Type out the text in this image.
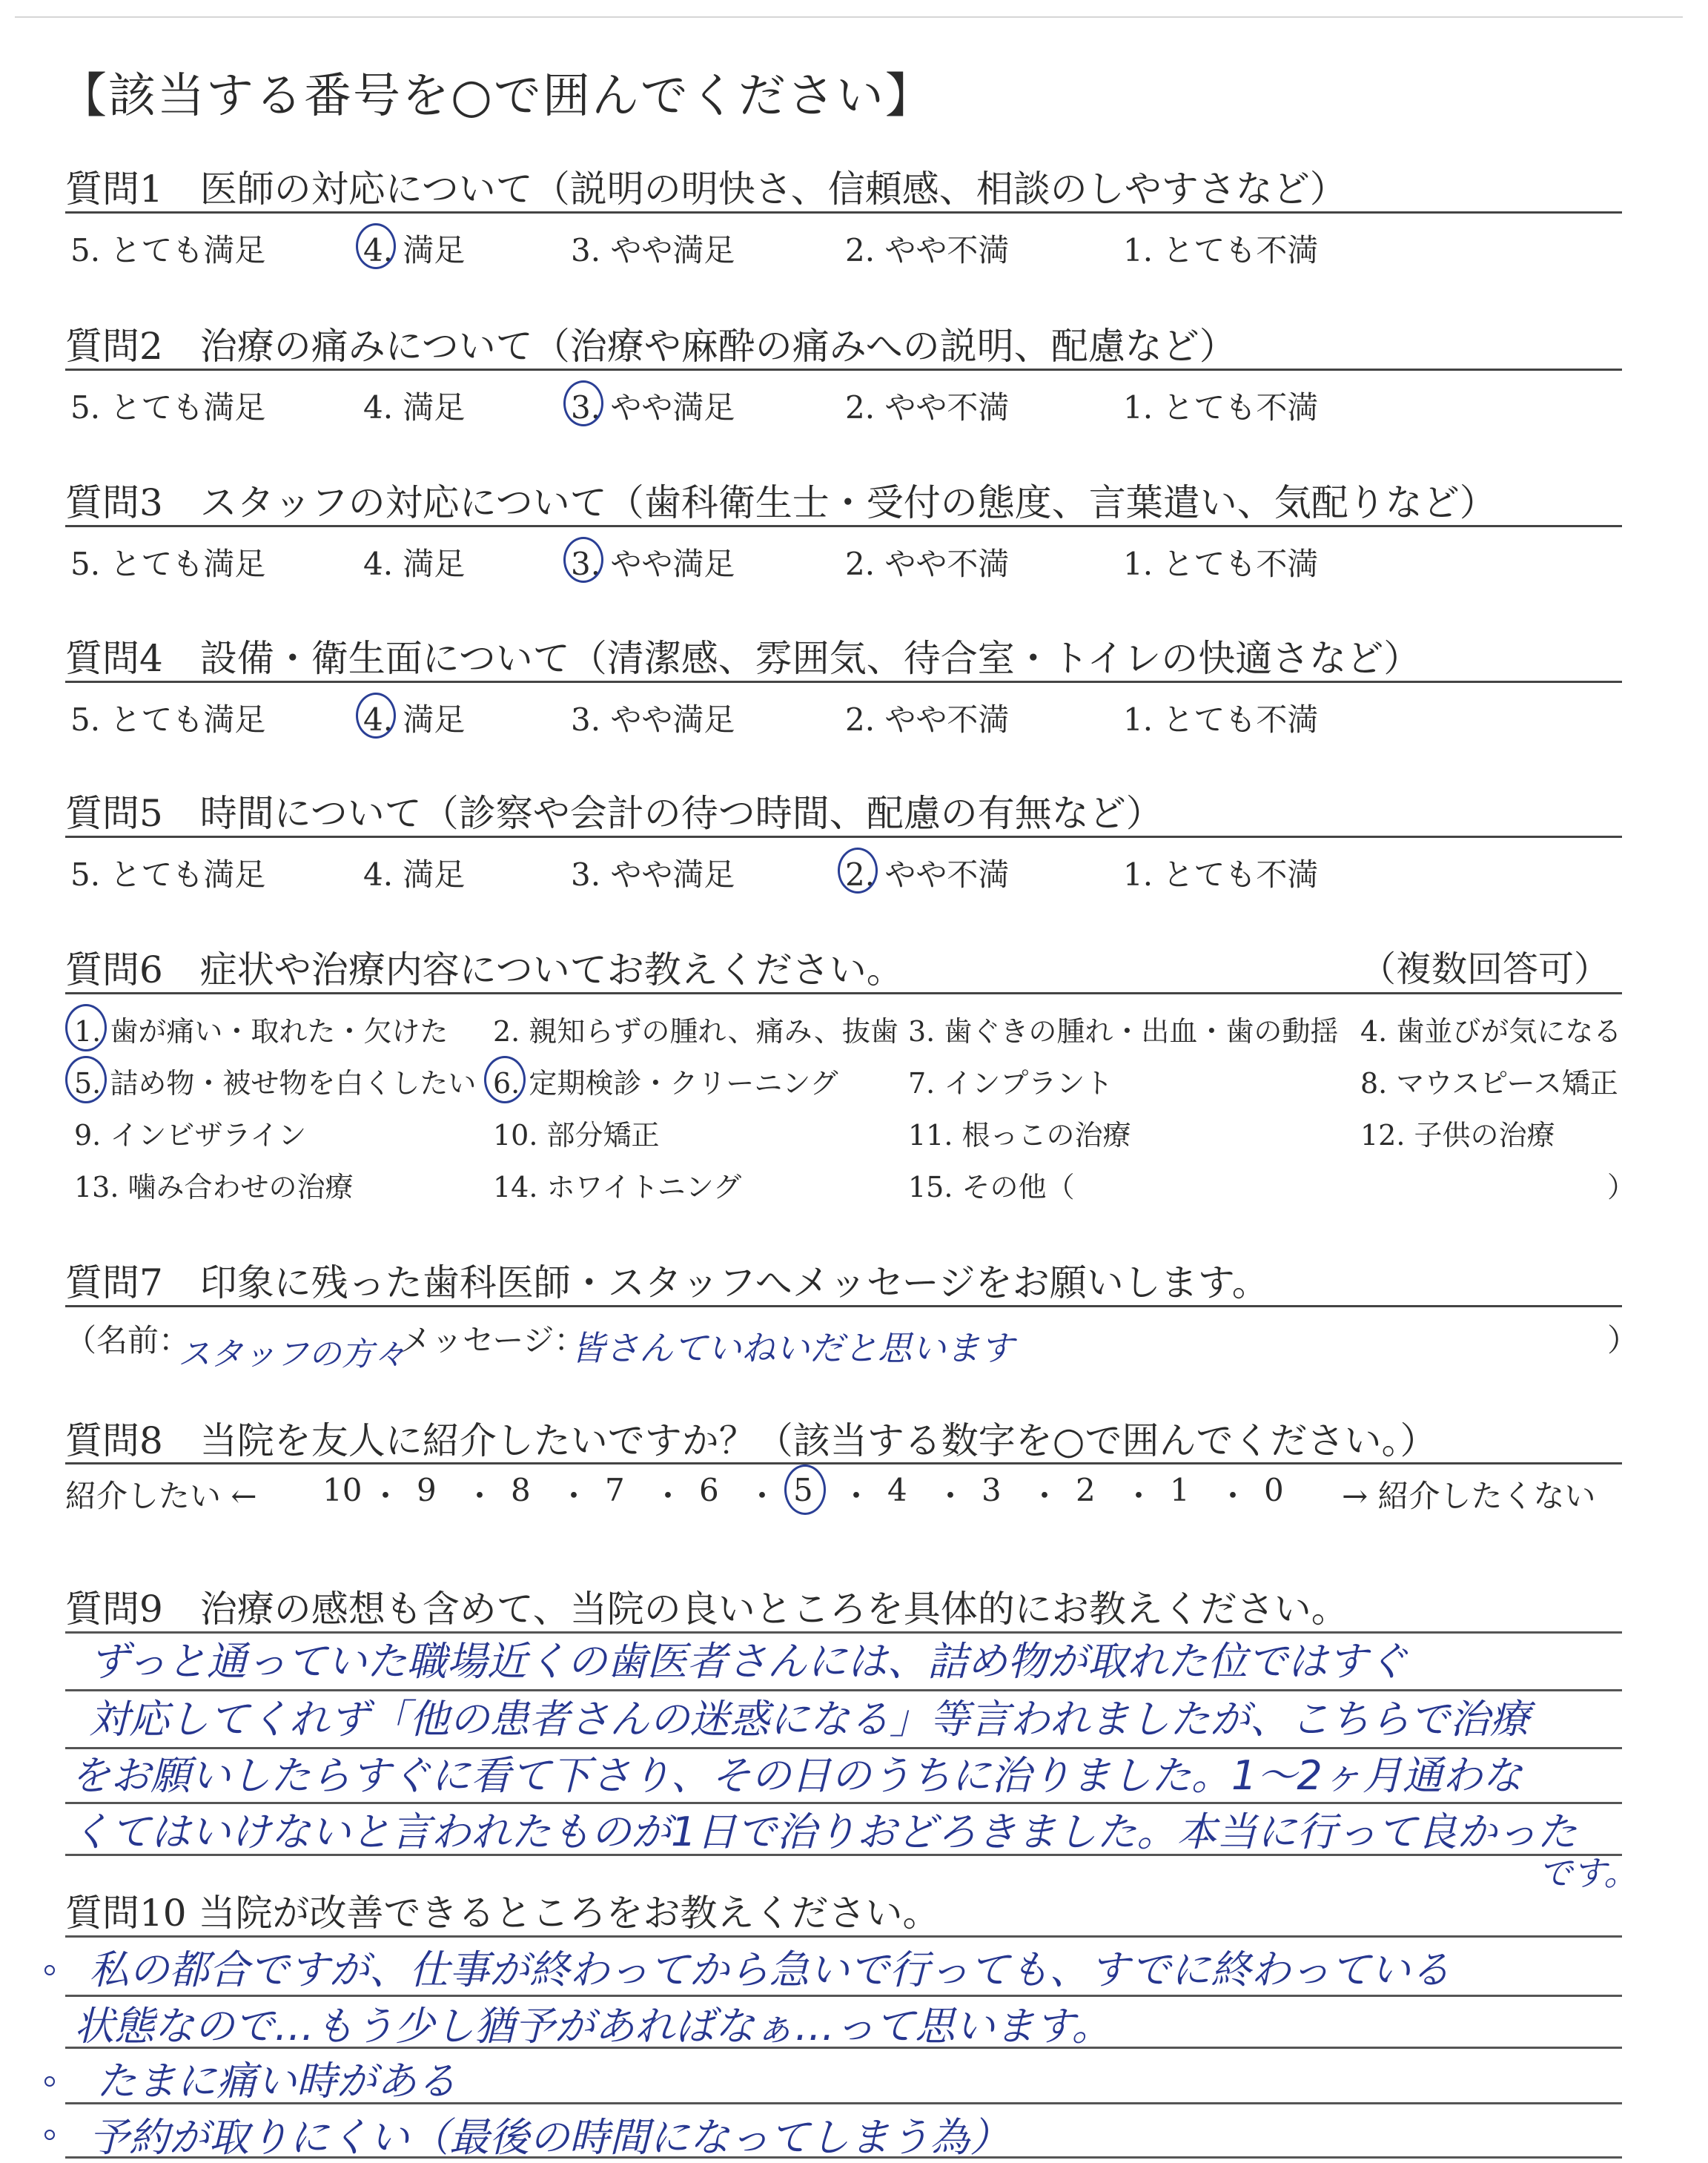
【該当する番号を○で囲んでください】
質問1　医師の対応について（説明の明快さ、信頼感、相談のしやすさなど）
5. とても満足	4. 満足	3. やや満足	2. やや不満	1. とても不満
質問2　治療の痛みについて（治療や麻酔の痛みへの説明、配慮など）
5. とても満足	4. 満足	3. やや満足	2. やや不満	1. とても不満
質問3　スタッフの対応について（歯科衛生士・受付の態度、言葉遣い、気配りなど）
5. とても満足	4. 満足	3. やや満足	2. やや不満	1. とても不満
質問4　設備・衛生面について（清潔感、雰囲気、待合室・トイレの快適さなど）
5. とても満足	4. 満足	3. やや満足	2. やや不満	1. とても不満
質問5　時間について（診察や会計の待つ時間、配慮の有無など）
5. とても満足	4. 満足	3. やや満足	2. やや不満	1. とても不満
質問6　症状や治療内容についてお教えください。	（複数回答可）
1. 歯が痛い・取れた・欠けた 2. 親知らずの腫れ、痛み、抜歯 3. 歯ぐきの腫れ・出血・歯の動揺 4. 歯並びが気になる
5. 詰め物・被せ物を白くしたい 6. 定期検診・クリーニング 7. インプラント	8. マウスピース矯正
9. インビザライン	10. 部分矯正	11. 根っこの治療	12. 子供の治療
13. 噛み合わせの治療	14. ホワイトニング	15. その他（	）
質問7　印象に残った歯科医師・スタッフへメッセージをお願いします。
（名前：
スタッフの方々
メッセージ：
皆さんていねいだと思います	）
質問8　当院を友人に紹介したいですか？（該当する数字を○で囲んでください。）
紹介したい ← 10 ・ 9 ・ 8 ・ 7 ・ 6 ・ 5 ・ 4 ・ 3 ・ 2 ・ 1 ・ 0 → 紹介したくない
質問9　治療の感想も含めて、当院の良いところを具体的にお教えください。
ずっと通っていた職場近くの歯医者さんには、詰め物が取れた位ではすぐ
対応してくれず「他の患者さんの迷惑になる」等言われましたが、こちらで治療
をお願いしたらすぐに看て下さり、その日のうちに治りました。1〜2ヶ月通わな
くてはいけないと言われたものが1日で治りおどろきました。本当に行って良かった
です。
質問10 当院が改善できるところをお教えください。
私の都合ですが、仕事が終わってから急いで行っても、すでに終わっている
状態なので…もう少し猶予があればなぁ…って思います。
たまに痛い時がある
予約が取りにくい（最後の時間になってしまう為）
